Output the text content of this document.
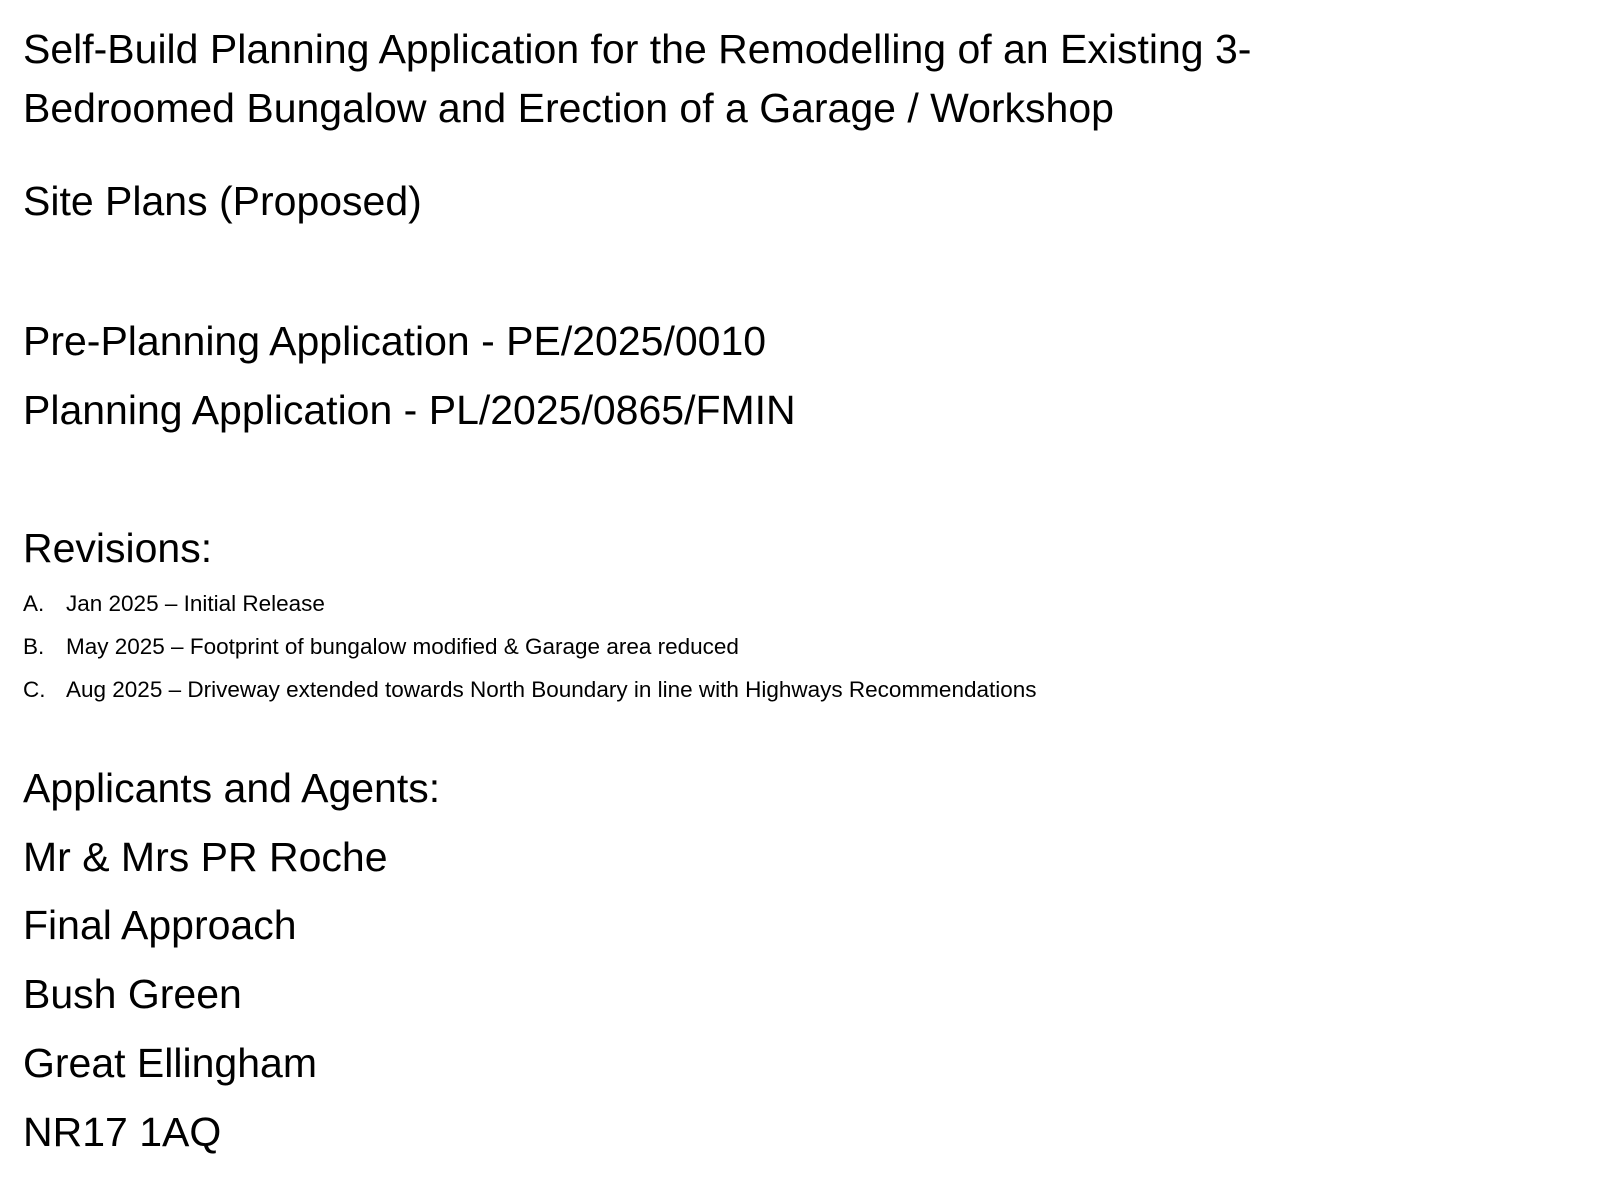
Self-Build Planning Application for the Remodelling of an Existing 3-Bedroomed Bungalow and Erection of a Garage / Workshop

Site Plans (Proposed)

Pre-Planning Application - PE/2025/0010

Planning Application - PL/2025/0865/FMIN

Revisions:

A. Jan 2025 – Initial Release
B. May 2025 – Footprint of bungalow modified & Garage area reduced
C. Aug 2025 – Driveway extended towards North Boundary in line with Highways Recommendations

Applicants and Agents:

Mr & Mrs PR Roche

Final Approach

Bush Green

Great Ellingham

NR17 1AQ
